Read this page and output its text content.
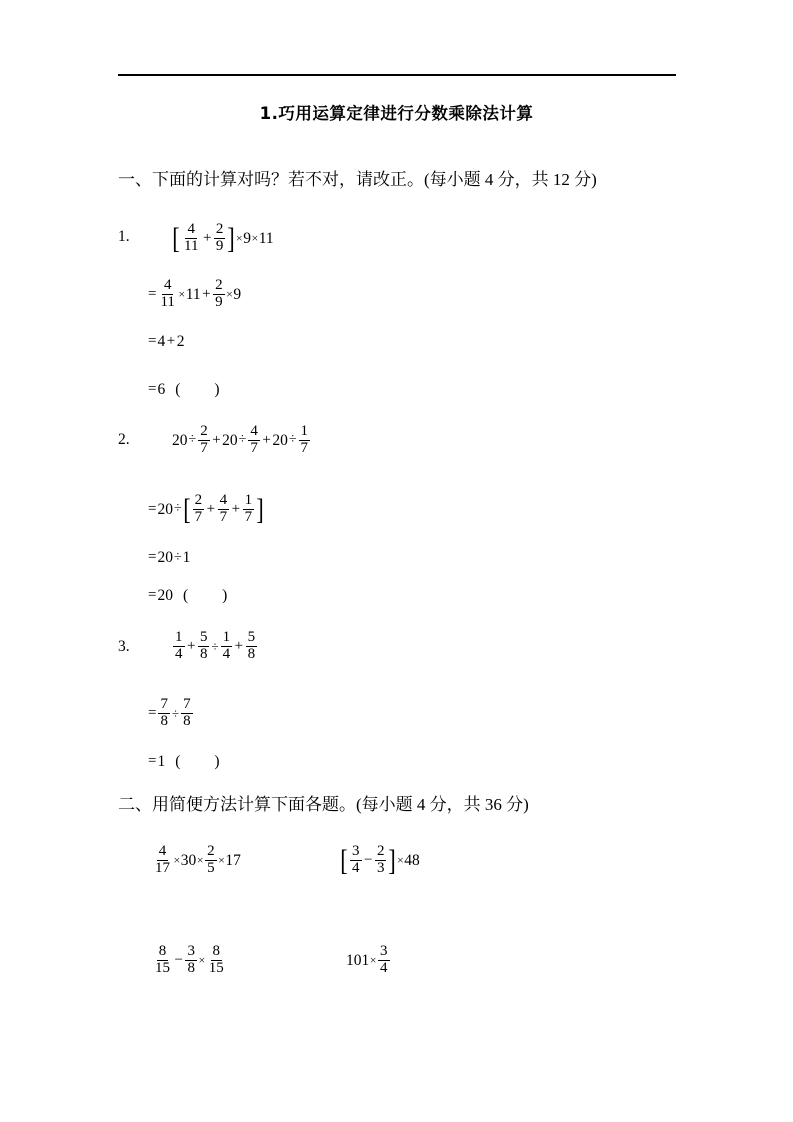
1.巧用运算定律进行分数乘除法计算
一、下面的计算对吗？若不对，请改正。(每小题 4 分，共 12 分)
1. [ $\frac{4}{11} + \frac{2}{9}$ ] × 9 × 11
= $\frac{4}{11} \times 11 + \frac{2}{9} \times 9$
= 4 + 2
= 6 ( )
2.	$20 \div \frac{2}{7} + 20 \div \frac{4}{7} + 20 \div \frac{1}{7}$
= 20 ÷ [ $\frac{2}{7} + \frac{4}{7} + \frac{1}{7}$ ]
= 20 ÷ 1
= 20 ( )
3.	$\frac{1}{4} + \frac{5}{8} \div \frac{1}{4} + \frac{5}{8}$
= $\frac{7}{8} \div \frac{7}{8}$
= 1 ( )
二、用简便方法计算下面各题。(每小题 4 分，共 36 分)
$\frac{4}{17} \times 30 \times \frac{2}{5} \times 17$	[ $\frac{3}{4} - \frac{2}{3}$ ] × 48
$\frac{8}{15} - \frac{3}{8} \times \frac{8}{15}$	$101 \times \frac{3}{4}$
